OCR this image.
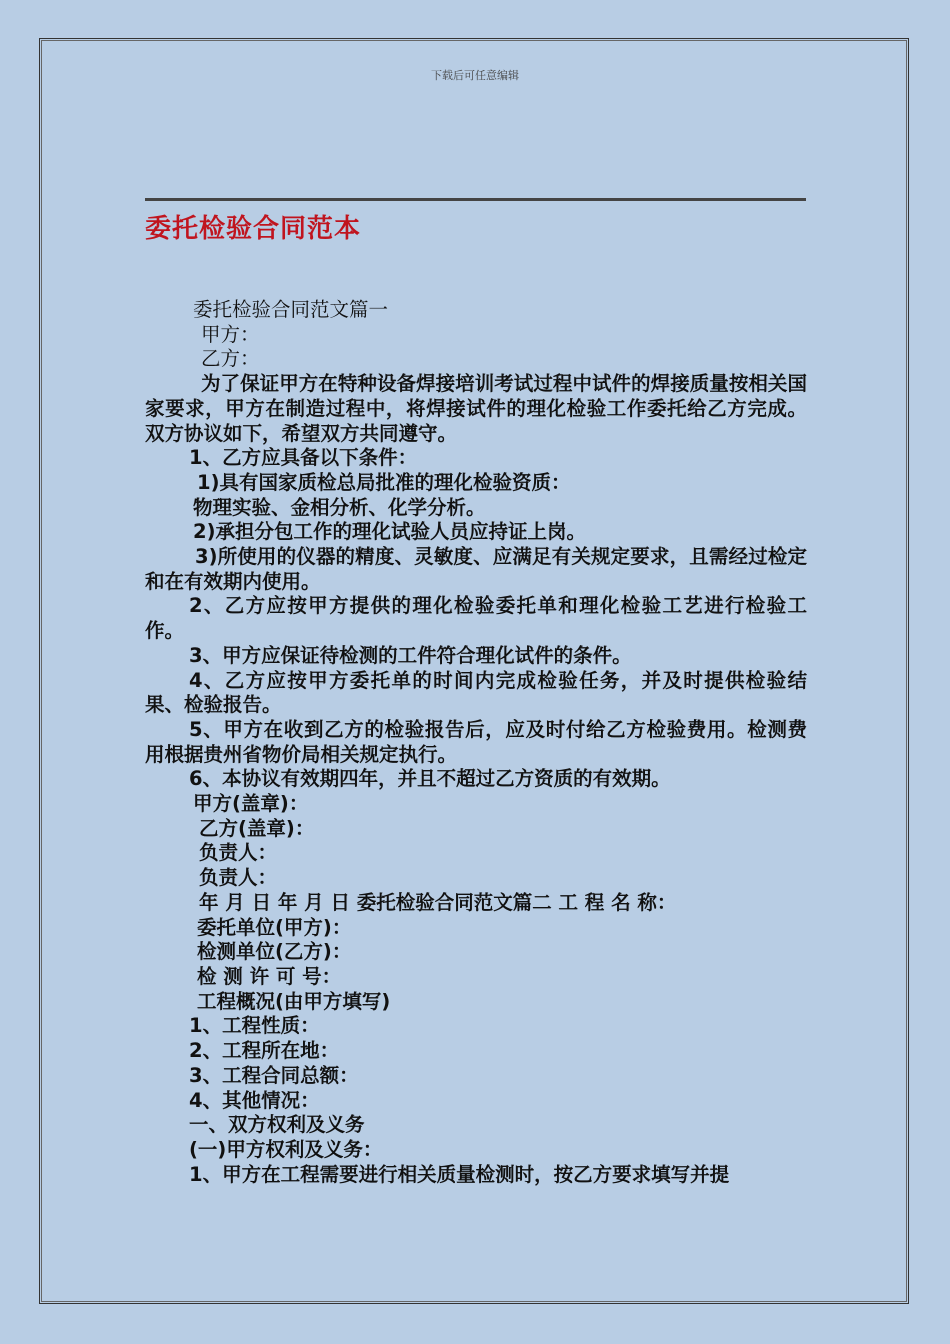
下载后可任意编辑
委托检验合同范本

委托检验合同范文篇一

甲方：

乙方：

为了保证甲方在特种设备焊接培训考试过程中试件的焊接质量按相关国家要求，甲方在制造过程中，将焊接试件的理化检验工作委托给乙方完成。双方协议如下，希望双方共同遵守。

1、乙方应具备以下条件：

1)具有国家质检总局批准的理化检验资质：

物理实验、金相分析、化学分析。

2)承担分包工作的理化试验人员应持证上岗。

3)所使用的仪器的精度、灵敏度、应满足有关规定要求，且需经过检定和在有效期内使用。

2、乙方应按甲方提供的理化检验委托单和理化检验工艺进行检验工作。

3、甲方应保证待检测的工件符合理化试件的条件。

4、乙方应按甲方委托单的时间内完成检验任务，并及时提供检验结果、检验报告。

5、甲方在收到乙方的检验报告后，应及时付给乙方检验费用。检测费用根据贵州省物价局相关规定执行。

6、本协议有效期四年，并且不超过乙方资质的有效期。

甲方(盖章)：

乙方(盖章)：

负责人：

负责人：

年 月 日 年 月 日 委托检验合同范文篇二 工 程 名 称：

委托单位(甲方)：

检测单位(乙方)：

检 测 许 可 号：

工程概况(由甲方填写)

1、工程性质：

2、工程所在地：

3、工程合同总额：

4、其他情况：

一、双方权利及义务

(一)甲方权利及义务：

1、甲方在工程需要进行相关质量检测时，按乙方要求填写并提
